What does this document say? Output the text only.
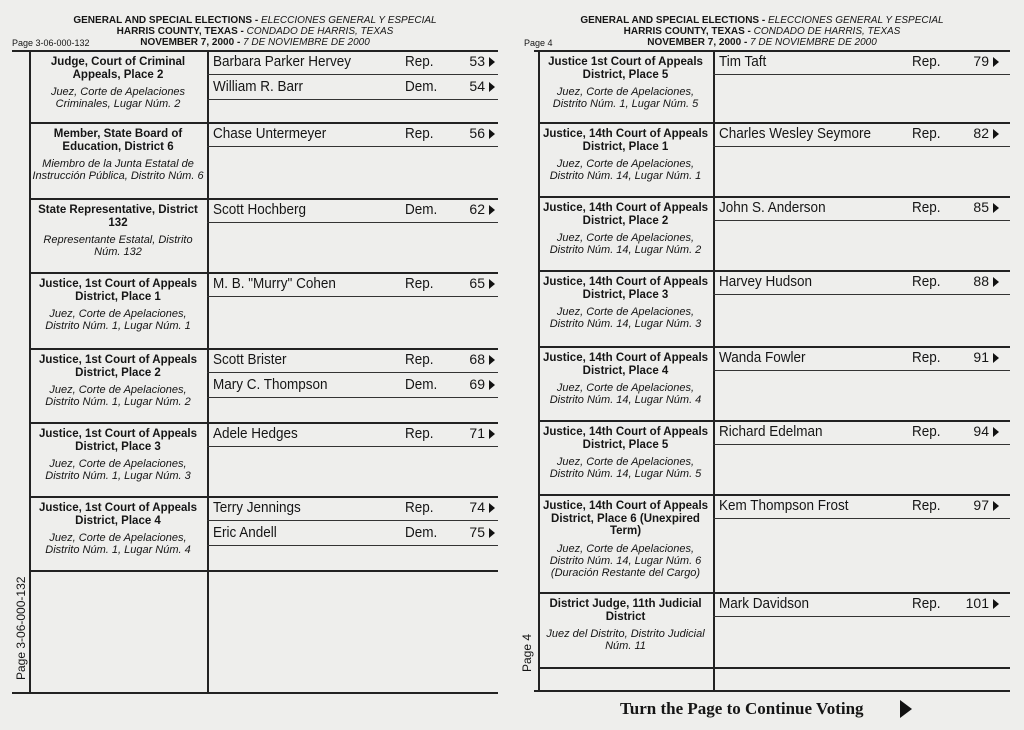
GENERAL AND SPECIAL ELECTIONS - ELECCIONES GENERAL Y ESPECIAL
HARRIS COUNTY, TEXAS - CONDADO DE HARRIS, TEXAS
NOVEMBER 7, 2000 - 7 DE NOVIEMBRE DE 2000
Page 3-06-000-132
Page 3-06-000-132
Judge, Court of Criminal Appeals, Place 2
Juez, Corte de Apelaciones Criminales, Lugar Núm. 2
Barbara Parker Hervey	Rep.	53
William R. Barr	Dem.	54
Member, State Board of Education, District 6
Miembro de la Junta Estatal de Instrucción Pública, Distrito Núm. 6
Chase Untermeyer	Rep.	56
State Representative, District 132
Representante Estatal, Distrito Núm. 132
Scott Hochberg	Dem.	62
Justice, 1st Court of Appeals District, Place 1
Juez, Corte de Apelaciones, Distrito Núm. 1, Lugar Núm. 1
M. B. "Murry" Cohen	Rep.	65
Justice, 1st Court of Appeals District, Place 2
Juez, Corte de Apelaciones, Distrito Núm. 1, Lugar Núm. 2
Scott Brister	Rep.	68
Mary C. Thompson	Dem.	69
Justice, 1st Court of Appeals District, Place 3
Juez, Corte de Apelaciones, Distrito Núm. 1, Lugar Núm. 3
Adele Hedges	Rep.	71
Justice, 1st Court of Appeals District, Place 4
Juez, Corte de Apelaciones, Distrito Núm. 1, Lugar Núm. 4
Terry Jennings	Rep.	74
Eric Andell	Dem.	75
GENERAL AND SPECIAL ELECTIONS - ELECCIONES GENERAL Y ESPECIAL
HARRIS COUNTY, TEXAS - CONDADO DE HARRIS, TEXAS
NOVEMBER 7, 2000 - 7 DE NOVIEMBRE DE 2000
Page 4
Page 4
Justice 1st Court of Appeals District, Place 5
Juez, Corte de Apelaciones, Distrito Núm. 1, Lugar Núm. 5
Tim Taft	Rep.	79
Justice, 14th Court of Appeals District, Place 1
Juez, Corte de Apelaciones, Distrito Núm. 14, Lugar Núm. 1
Charles Wesley Seymore	Rep.	82
Justice, 14th Court of Appeals District, Place 2
Juez, Corte de Apelaciones, Distrito Núm. 14, Lugar Núm. 2
John S. Anderson	Rep.	85
Justice, 14th Court of Appeals District, Place 3
Juez, Corte de Apelaciones, Distrito Núm. 14, Lugar Núm. 3
Harvey Hudson	Rep.	88
Justice, 14th Court of Appeals District, Place 4
Juez, Corte de Apelaciones, Distrito Núm. 14, Lugar Núm. 4
Wanda Fowler	Rep.	91
Justice, 14th Court of Appeals District, Place 5
Juez, Corte de Apelaciones, Distrito Núm. 14, Lugar Núm. 5
Richard Edelman	Rep.	94
Justice, 14th Court of Appeals District, Place 6 (Unexpired Term)
Juez, Corte de Apelaciones, Distrito Núm. 14, Lugar Núm. 6 (Duración Restante del Cargo)
Kem Thompson Frost	Rep.	97
District Judge, 11th Judicial District
Juez del Distrito, Distrito Judicial Núm. 11
Mark Davidson	Rep.	101
Turn the Page to Continue Voting
